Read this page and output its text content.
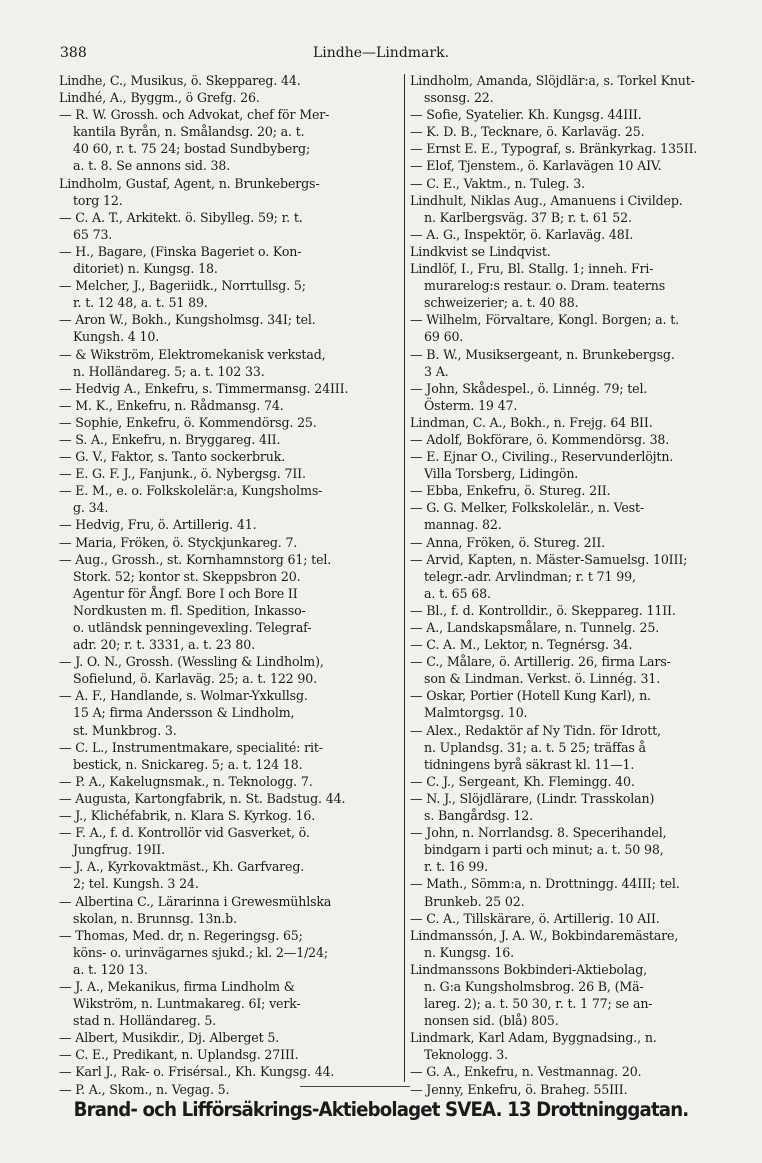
388	Lindhe—Lindmark.
Lindhe, C., Musikus, ö. Skeppareg. 44.
Lindhé, A., Byggm., ö Grefg. 26.
— R. W. Grossh. och Advokat, chef för Mer-
kantila Byrån, n. Smålandsg. 20; a. t.
40 60, r. t. 75 24; bostad Sundbyberg;
a. t. 8. Se annons sid. 38.
Lindholm, Gustaf, Agent, n. Brunkebergs-
torg 12.
— C. A. T., Arkitekt. ö. Sibylleg. 59; r. t.
65 73.
— H., Bagare, (Finska Bageriet o. Kon-
ditoriet) n. Kungsg. 18.
— Melcher, J., Bageriidk., Norrtullsg. 5;
r. t. 12 48, a. t. 51 89.
— Aron W., Bokh., Kungsholmsg. 34I; tel.
Kungsh. 4 10.
— & Wikström, Elektromekanisk verkstad,
n. Holländareg. 5; a. t. 102 33.
— Hedvig A., Enkefru, s. Timmermansg. 24III.
— M. K., Enkefru, n. Rådmansg. 74.
— Sophie, Enkefru, ö. Kommendörsg. 25.
— S. A., Enkefru, n. Bryggareg. 4II.
— G. V., Faktor, s. Tanto sockerbruk.
— E. G. F. J., Fanjunk., ö. Nybergsg. 7II.
— E. M., e. o. Folkskolelär:a, Kungsholms-
g. 34.
— Hedvig, Fru, ö. Artillerig. 41.
— Maria, Fröken, ö. Styckjunkareg. 7.
— Aug., Grossh., st. Kornhamnstorg 61; tel.
Stork. 52; kontor st. Skeppsbron 20.
Agentur för Ångf. Bore I och Bore II
Nordkusten m. fl. Spedition, Inkasso-
o. utländsk penningevexling. Telegraf-
adr. 20; r. t. 3331, a. t. 23 80.
— J. O. N., Grossh. (Wessling & Lindholm),
Sofielund, ö. Karlaväg. 25; a. t. 122 90.
— A. F., Handlande, s. Wolmar-Yxkullsg.
15 A; firma Andersson & Lindholm,
st. Munkbrog. 3.
— C. L., Instrumentmakare, specialité: rit-
bestick, n. Snickareg. 5; a. t. 124 18.
— P. A., Kakelugnsmak., n. Teknologg. 7.
— Augusta, Kartongfabrik, n. St. Badstug. 44.
— J., Klichéfabrik, n. Klara S. Kyrkog. 16.
— F. A., f. d. Kontrollör vid Gasverket, ö.
Jungfrug. 19II.
— J. A., Kyrkovaktmäst., Kh. Garfvareg.
2; tel. Kungsh. 3 24.
— Albertina C., Lärarinna i Grewesmühlska
skolan, n. Brunnsg. 13n.b.
— Thomas, Med. dr, n. Regeringsg. 65;
köns- o. urinvägarnes sjukd.; kl. 2—1/24;
a. t. 120 13.
— J. A., Mekanikus, firma Lindholm &
Wikström, n. Luntmakareg. 6I; verk-
stad n. Holländareg. 5.
— Albert, Musikdir., Dj. Alberget 5.
— C. E., Predikant, n. Uplandsg. 27III.
— Karl J., Rak- o. Frisérsal., Kh. Kungsg. 44.
— P. A., Skom., n. Vegag. 5.
Lindholm, Amanda, Slöjdlär:a, s. Torkel Knut-
ssonsg. 22.
— Sofie, Syatelier. Kh. Kungsg. 44III.
— K. D. B., Tecknare, ö. Karlaväg. 25.
— Ernst E. E., Typograf, s. Bränkyrkag. 135II.
— Elof, Tjenstem., ö. Karlavägen 10 AIV.
— C. E., Vaktm., n. Tuleg. 3.
Lindhult, Niklas Aug., Amanuens i Civildep.
n. Karlbergsväg. 37 B; r. t. 61 52.
— A. G., Inspektör, ö. Karlaväg. 48I.
Lindkvist se Lindqvist.
Lindlöf, I., Fru, Bl. Stallg. 1; inneh. Fri-
murarelog:s restaur. o. Dram. teaterns
schweizerier; a. t. 40 88.
— Wilhelm, Förvaltare, Kongl. Borgen; a. t.
69 60.
— B. W., Musiksergeant, n. Brunkebergsg.
3 A.
— John, Skådespel., ö. Linnég. 79; tel.
Österm. 19 47.
Lindman, C. A., Bokh., n. Frejg. 64 BII.
— Adolf, Bokförare, ö. Kommendörsg. 38.
— E. Ejnar O., Civiling., Reservunderlöjtn.
Villa Torsberg, Lidingön.
— Ebba, Enkefru, ö. Stureg. 2II.
— G. G. Melker, Folkskolelär., n. Vest-
mannag. 82.
— Anna, Fröken, ö. Stureg. 2II.
— Arvid, Kapten, n. Mäster-Samuelsg. 10III;
telegr.-adr. Arvlindman; r. t 71 99,
a. t. 65 68.
— Bl., f. d. Kontrolldir., ö. Skeppareg. 11II.
— A., Landskapsmålare, n. Tunnelg. 25.
— C. A. M., Lektor, n. Tegnérsg. 34.
— C., Målare, ö. Artillerig. 26, firma Lars-
son & Lindman. Verkst. ö. Linnég. 31.
— Oskar, Portier (Hotell Kung Karl), n.
Malmtorgsg. 10.
— Alex., Redaktör af Ny Tidn. för Idrott,
n. Uplandsg. 31; a. t. 5 25; träffas å
tidningens byrå säkrast kl. 11—1.
— C. J., Sergeant, Kh. Flemingg. 40.
— N. J., Slöjdlärare, (Lindr. Trasskolan)
s. Bangårdsg. 12.
— John, n. Norrlandsg. 8. Specerihandel,
bindgarn i parti och minut; a. t. 50 98,
r. t. 16 99.
— Math., Sömm:a, n. Drottningg. 44III; tel.
Brunkeb. 25 02.
— C. A., Tillskärare, ö. Artillerig. 10 AII.
Lindmanssón, J. A. W., Bokbindaremästare,
n. Kungsg. 16.
Lindmanssons Bokbinderi-Aktiebolag,
n. G:a Kungsholmsbrog. 26 B, (Mä-
lareg. 2); a. t. 50 30, r. t. 1 77; se an-
nonsen sid. (blå) 805.
Lindmark, Karl Adam, Byggnadsing., n.
Teknologg. 3.
— G. A., Enkefru, n. Vestmannag. 20.
— Jenny, Enkefru, ö. Braheg. 55III.
Brand- och Lifförsäkrings-Aktiebolaget SVEA. 13 Drottninggatan.
